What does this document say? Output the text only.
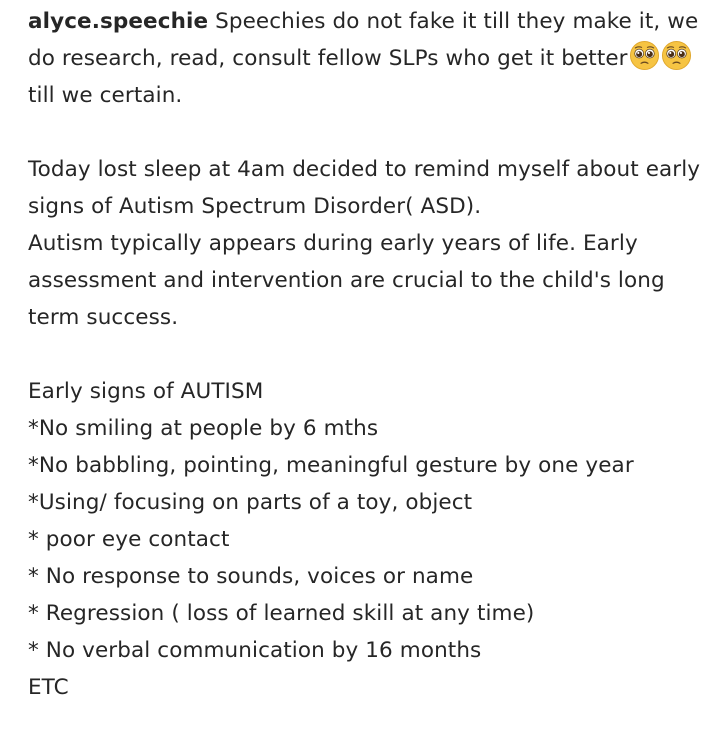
alyce.speechie Speechies do not fake it till they make it, we
do research, read, consult fellow SLPs who get it better
till we certain.
Today lost sleep at 4am decided to remind myself about early
signs of Autism Spectrum Disorder( ASD).
Autism typically appears during early years of life. Early
assessment and intervention are crucial to the child's long
term success.
Early signs of AUTISM
*No smiling at people by 6 mths
*No babbling, pointing, meaningful gesture by one year
*Using/ focusing on parts of a toy, object
* poor eye contact
* No response to sounds, voices or name
* Regression ( loss of learned skill at any time)
* No verbal communication by 16 months
ETC
